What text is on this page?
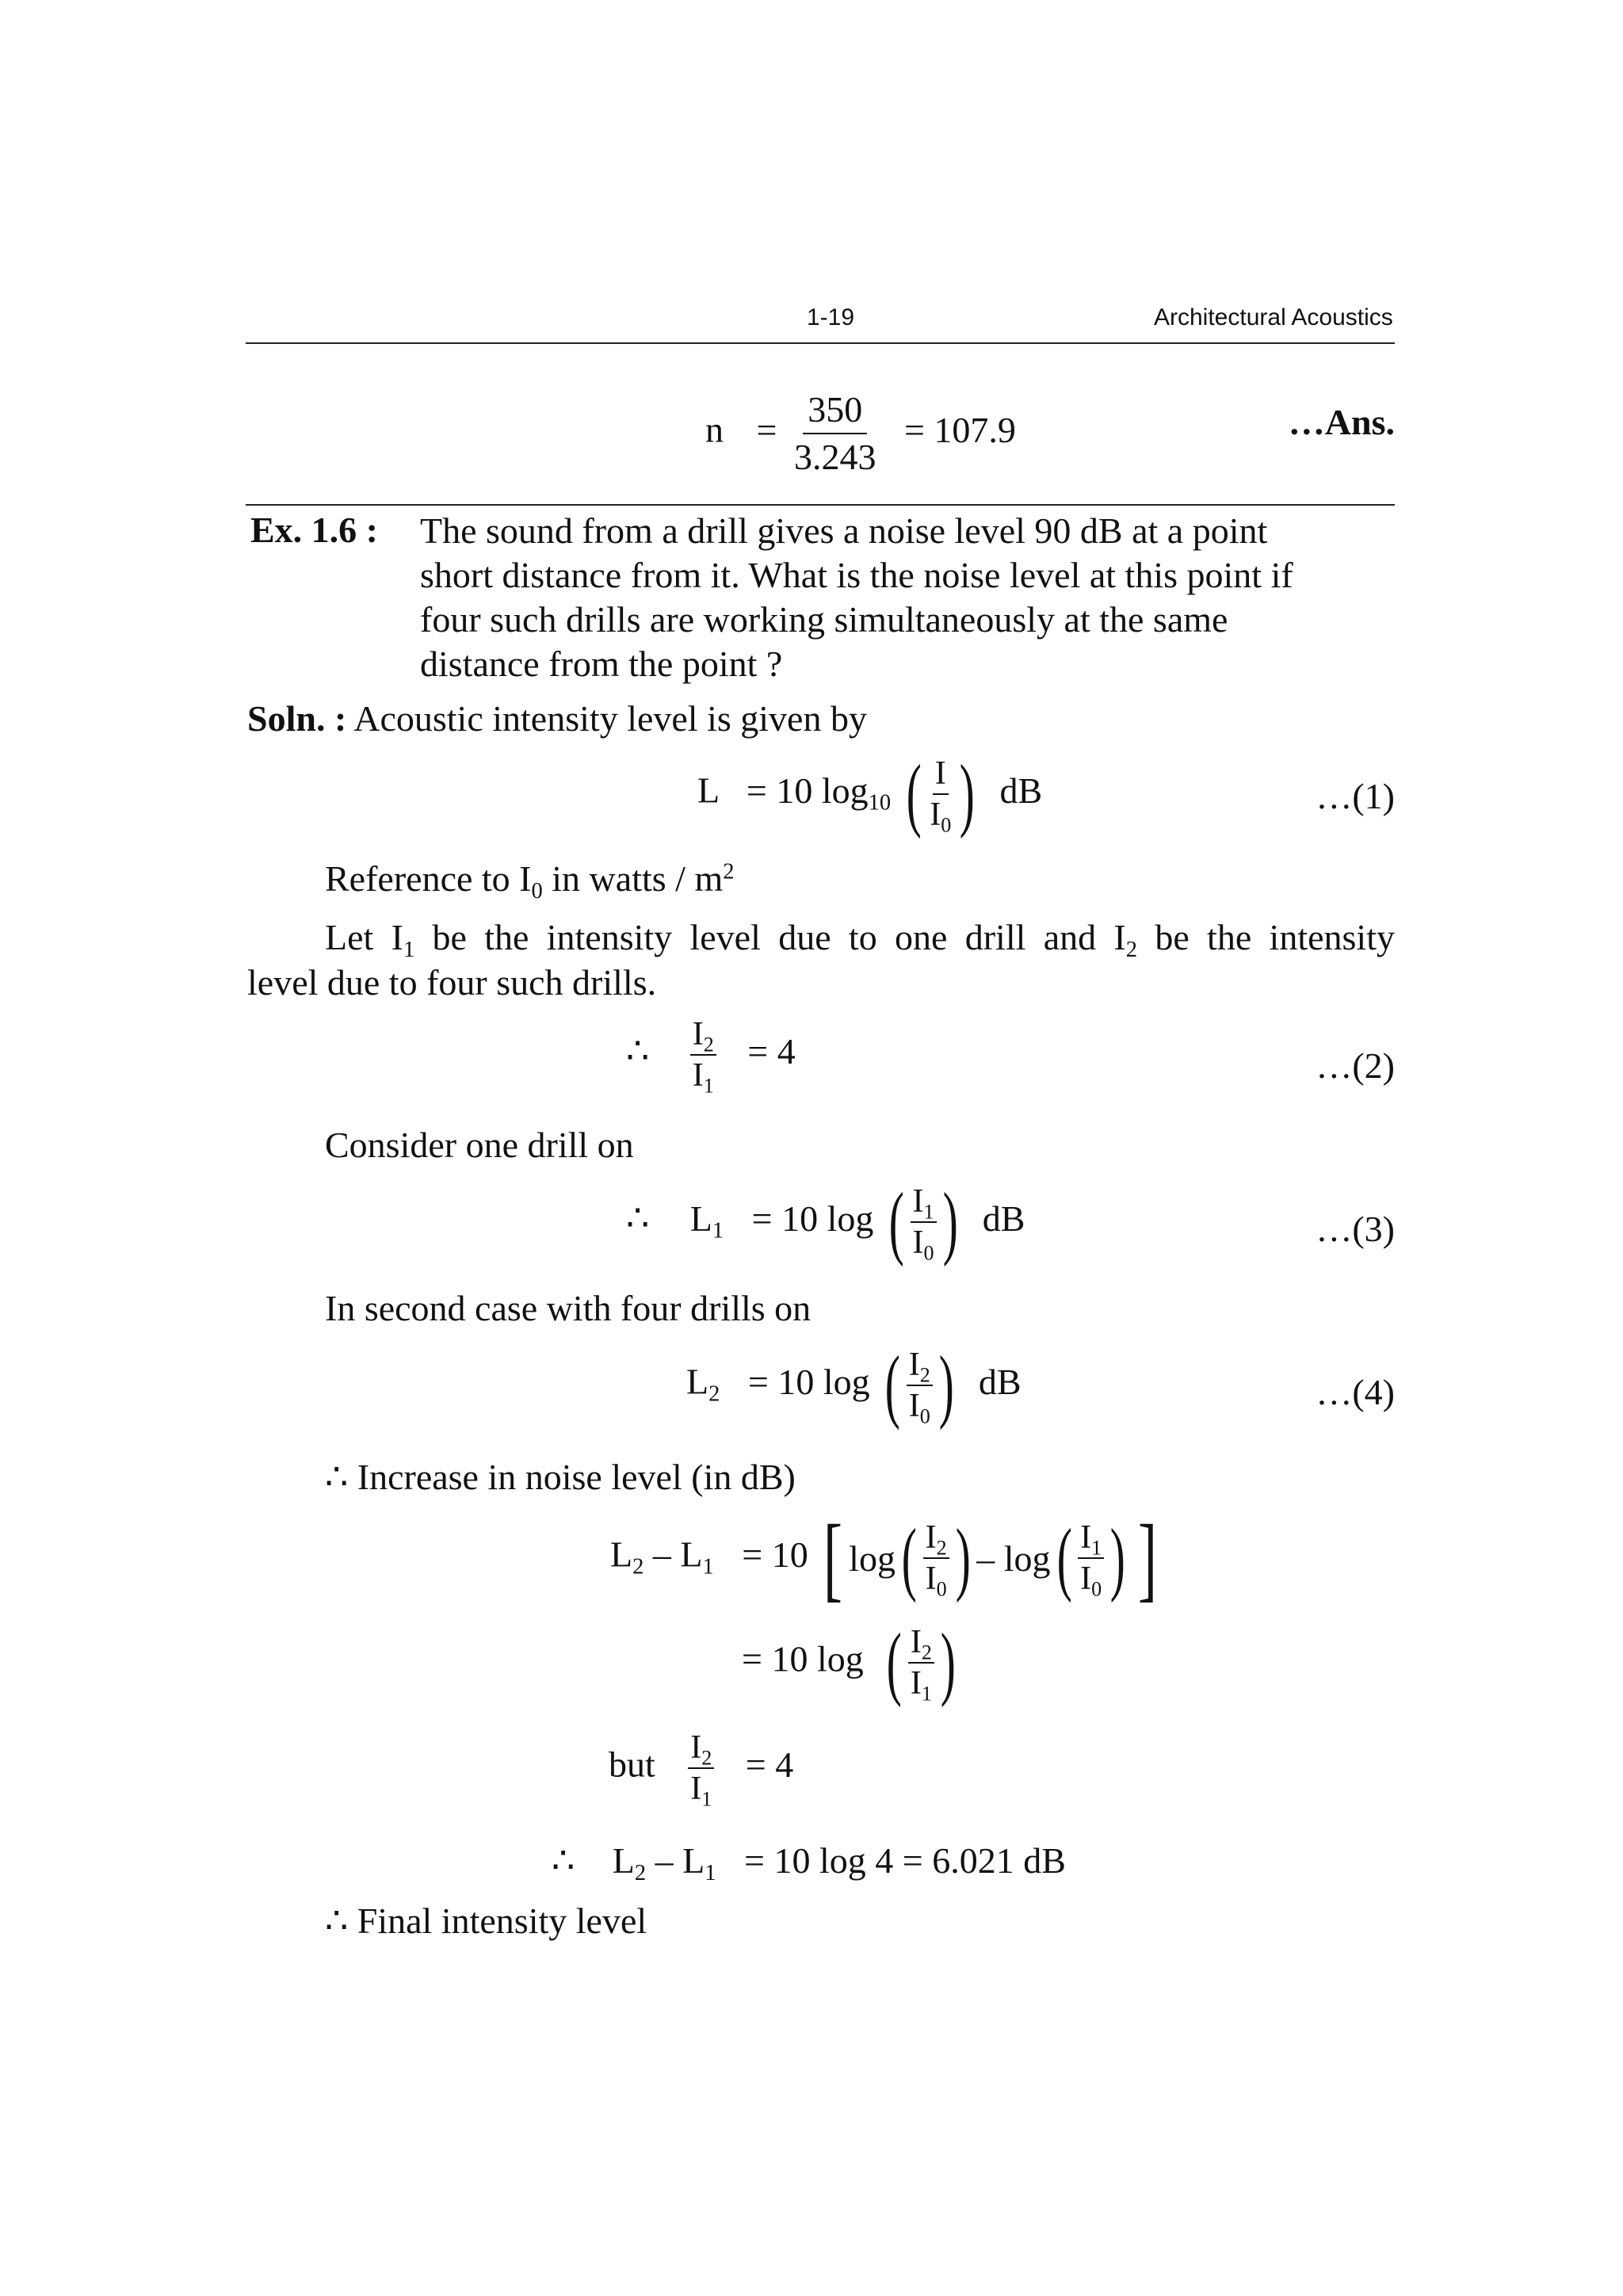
1-19	Architectural Acoustics
$n = \frac{350}{3.243} = 107.9$	…Ans.
Ex. 1.6 : The sound from a drill gives a noise level 90 dB at a point
short distance from it. What is the noise level at this point if
four such drills are working simultaneously at the same
distance from the point ?
Soln. : Acoustic intensity level is given by
L = 10 $\log_{10}$ ( $\frac{I}{I_0}$ ) dB	…(1)
Reference to $I_0$ in watts / $m^2$
Let $I_1$ be the intensity level due to one drill and $I_2$ be the intensity
level due to four such drills.
∴ $\frac{I_2}{I_1} = 4$	…(2)
Consider one drill on
∴ $L_1 = 10$ log ( $\frac{I_1}{I_0}$ ) dB	…(3)
In second case with four drills on
$L_2 = 10$ log ( $\frac{I_2}{I_0}$ ) dB	…(4)
∴ Increase in noise level (in dB)
$L_2 - L_1 = 10$ [ log ( $\frac{I_2}{I_0}$ ) – log ( $\frac{I_1}{I_0}$ ) ]
= 10 log ( $\frac{I_2}{I_1}$ )
but $\frac{I_2}{I_1} = 4$
∴ $L_2 - L_1 = 10$ log 4 = 6.021 dB
∴ Final intensity level
